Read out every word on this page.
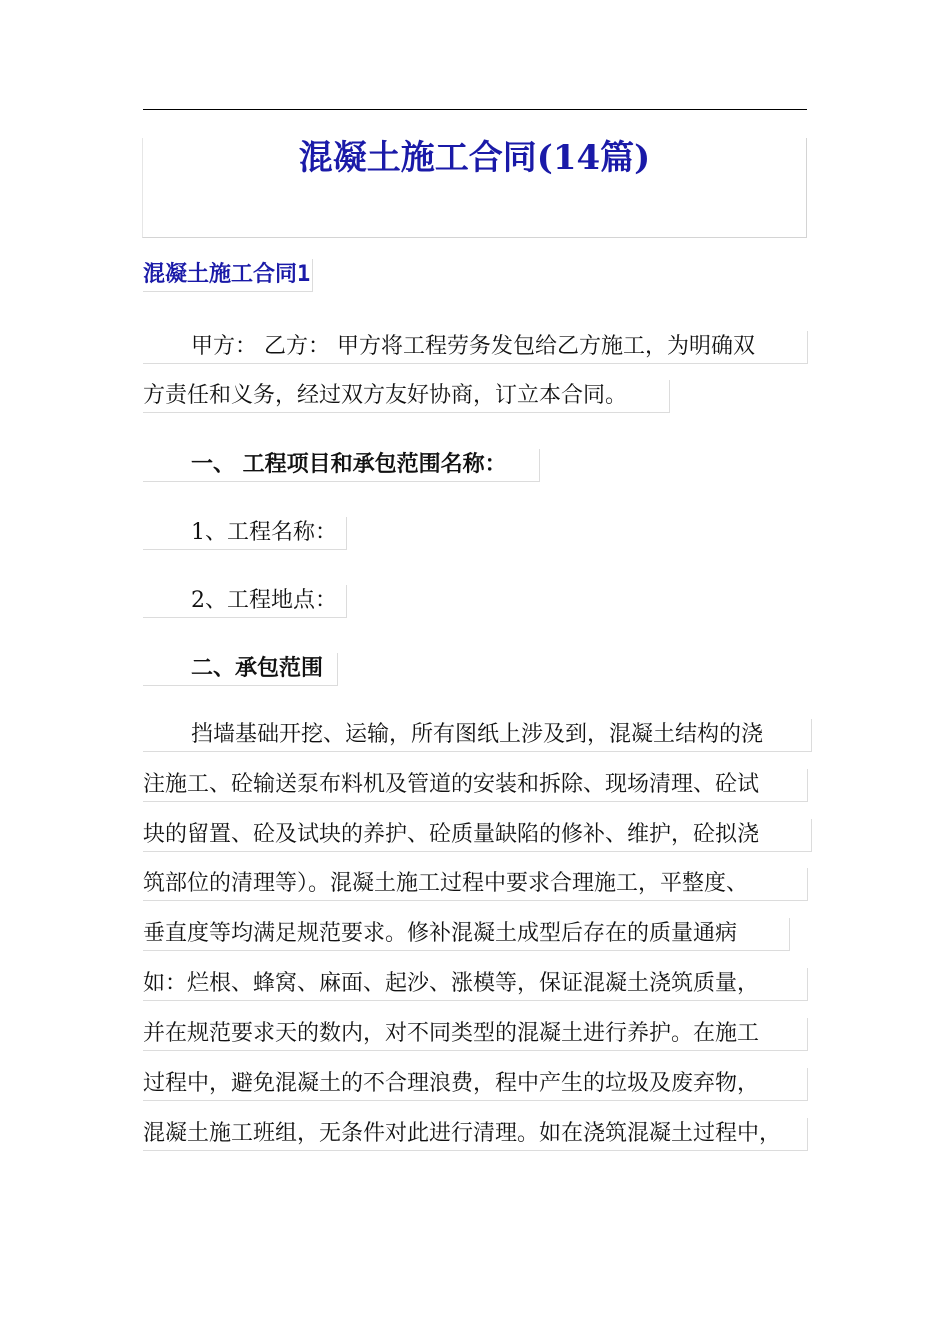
混凝土施工合同(14篇)
混凝土施工合同1
甲方： 乙方： 甲方将工程劳务发包给乙方施工，为明确双
方责任和义务，经过双方友好协商，订立本合同。
一、 工程项目和承包范围名称：
1、工程名称：
2、工程地点：
二、承包范围
挡墙基础开挖、运输，所有图纸上涉及到，混凝土结构的浇
注施工、砼输送泵布料机及管道的安装和拆除、现场清理、砼试
块的留置、砼及试块的养护、砼质量缺陷的修补、维护，砼拟浇
筑部位的清理等）。混凝土施工过程中要求合理施工，平整度、
垂直度等均满足规范要求。修补混凝土成型后存在的质量通病
如：烂根、蜂窝、麻面、起沙、涨模等，保证混凝土浇筑质量，
并在规范要求天的数内，对不同类型的混凝土进行养护。在施工
过程中，避免混凝土的不合理浪费，程中产生的垃圾及废弃物，
混凝土施工班组，无条件对此进行清理。如在浇筑混凝土过程中，
